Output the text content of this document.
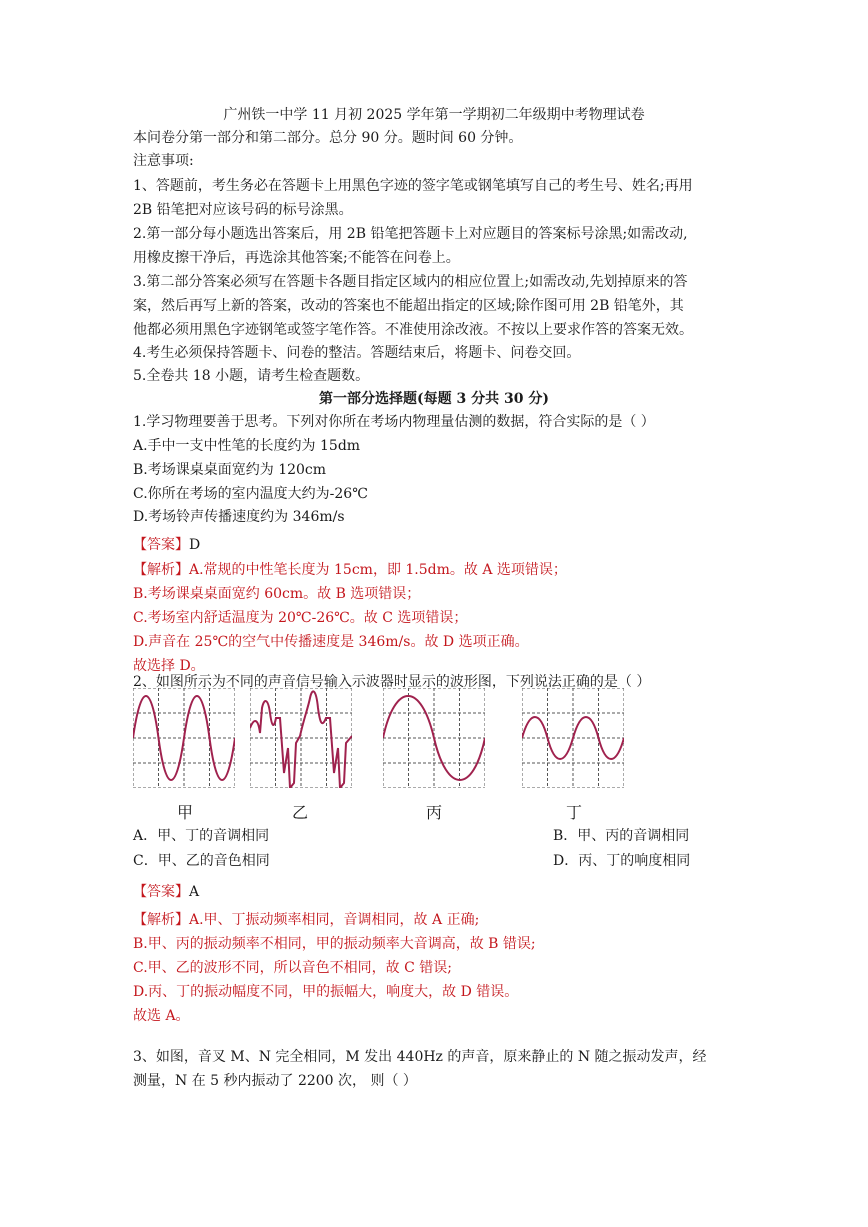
广州铁一中学 11 月初 2025 学年第一学期初二年级期中考物理试卷
本问卷分第一部分和第二部分。总分 90 分。题时间 60 分钟。
注意事项:
1、答题前，考生务必在答题卡上用黑色字迹的签字笔或钢笔填写自己的考生号、姓名;再用
2B 铅笔把对应该号码的标号涂黑。
2.第一部分每小题选出答案后，用 2B 铅笔把答题卡上对应题目的答案标号涂黑;如需改动,
用橡皮擦干净后，再选涂其他答案;不能答在问卷上。
3.第二部分答案必须写在答题卡各题目指定区域内的相应位置上;如需改动,先划掉原来的答
案，然后再写上新的答案，改动的答案也不能超出指定的区域;除作图可用 2B 铅笔外，其
他都必须用黑色字迹钢笔或签字笔作答。不准使用涂改液。不按以上要求作答的答案无效。
4.考生必须保持答题卡、问卷的整洁。答题结束后，将题卡、问卷交回。
5.全卷共 18 小题，请考生检查题数。
第一部分选择题(每题 3 分共 30 分)
1.学习物理要善于思考。下列对你所在考场内物理量估测的数据，符合实际的是（ ）
A.手中一支中性笔的长度约为 15dm
B.考场课桌桌面宽约为 120cm
C.你所在考场的室内温度大约为-26℃
D.考场铃声传播速度约为 346m/s
【答案】D
【解析】A.常规的中性笔长度为 15cm，即 1.5dm。故 A 选项错误；
B.考场课桌桌面宽约 60cm。故 B 选项错误；
C.考场室内舒适温度为 20℃-26℃。故 C 选项错误；
D.声音在 25℃的空气中传播速度是 346m/s。故 D 选项正确。
故选择 D。
2、如图所示为不同的声音信号输入示波器时显示的波形图，下列说法正确的是（ ）
甲	乙	丙	丁
A．甲、丁的音调相同	B．甲、丙的音调相同
C．甲、乙的音色相同	D．丙、丁的响度相同
【答案】A
【解析】A.甲、丁振动频率相同，音调相同，故 A 正确;
B.甲、丙的振动频率不相同，甲的振动频率大音调高，故 B 错误;
C.甲、乙的波形不同，所以音色不相同，故 C 错误;
D.丙、丁的振动幅度不同，甲的振幅大，响度大，故 D 错误。
故选 A。
3、如图，音叉 M、N 完全相同，M 发出 440Hz 的声音，原来静止的 N 随之振动发声，经
测量，N 在 5 秒内振动了 2200 次， 则（ ）
